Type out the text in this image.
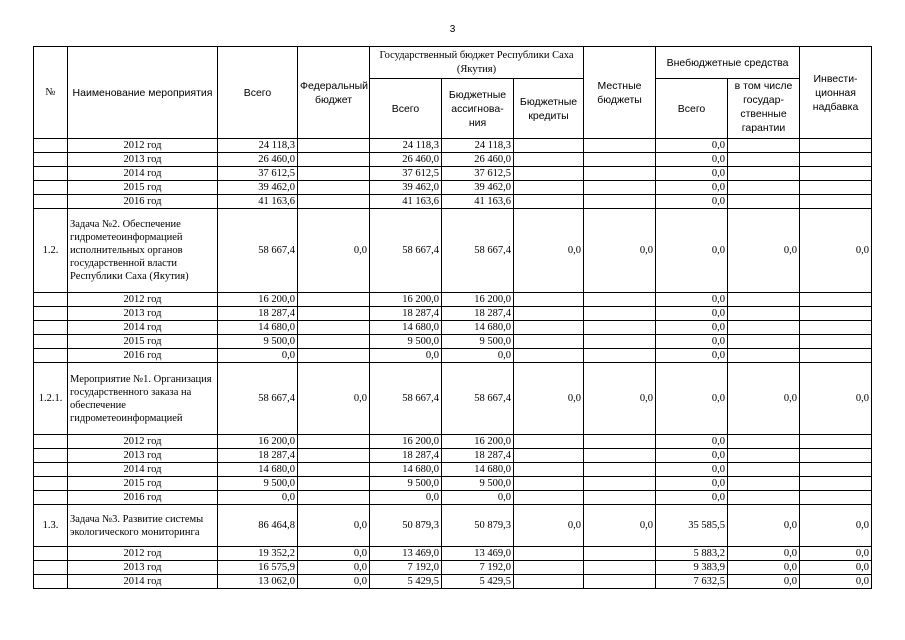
3
№	Наименование мероприятия	Всего	Федеральный бюджет	Государственный бюджет Республики Саха (Якутия)			Местные бюджеты	Внебюджетные средства		Инвести-ционная надбавка
				Всего	Бюджетные ассигнова-ния	Бюджетные кредиты		Всего	в том числе государ-ственные гарантии	
	2012 год	24 118,3		24 118,3	24 118,3			0,0		
	2013 год	26 460,0		26 460,0	26 460,0			0,0		
	2014 год	37 612,5		37 612,5	37 612,5			0,0		
	2015 год	39 462,0		39 462,0	39 462,0			0,0		
	2016 год	41 163,6		41 163,6	41 163,6			0,0		
1.2.	Задача №2. Обеспечение гидрометеоинформацией исполнительных органов государственной власти Республики Саха (Якутия)	58 667,4	0,0	58 667,4	58 667,4	0,0	0,0	0,0	0,0	0,0
	2012 год	16 200,0		16 200,0	16 200,0			0,0		
	2013 год	18 287,4		18 287,4	18 287,4			0,0		
	2014 год	14 680,0		14 680,0	14 680,0			0,0		
	2015 год	9 500,0		9 500,0	9 500,0			0,0		
	2016 год	0,0		0,0	0,0			0,0		
1.2.1.	Мероприятие №1. Организация государственного заказа на обеспечение гидрометеоинформацией	58 667,4	0,0	58 667,4	58 667,4	0,0	0,0	0,0	0,0	0,0
	2012 год	16 200,0		16 200,0	16 200,0			0,0		
	2013 год	18 287,4		18 287,4	18 287,4			0,0		
	2014 год	14 680,0		14 680,0	14 680,0			0,0		
	2015 год	9 500,0		9 500,0	9 500,0			0,0		
	2016 год	0,0		0,0	0,0			0,0		
1.3.	Задача №3. Развитие системы экологического мониторинга	86 464,8	0,0	50 879,3	50 879,3	0,0	0,0	35 585,5	0,0	0,0
	2012 год	19 352,2	0,0	13 469,0	13 469,0			5 883,2	0,0	0,0
	2013 год	16 575,9	0,0	7 192,0	7 192,0			9 383,9	0,0	0,0
	2014 год	13 062,0	0,0	5 429,5	5 429,5			7 632,5	0,0	0,0
